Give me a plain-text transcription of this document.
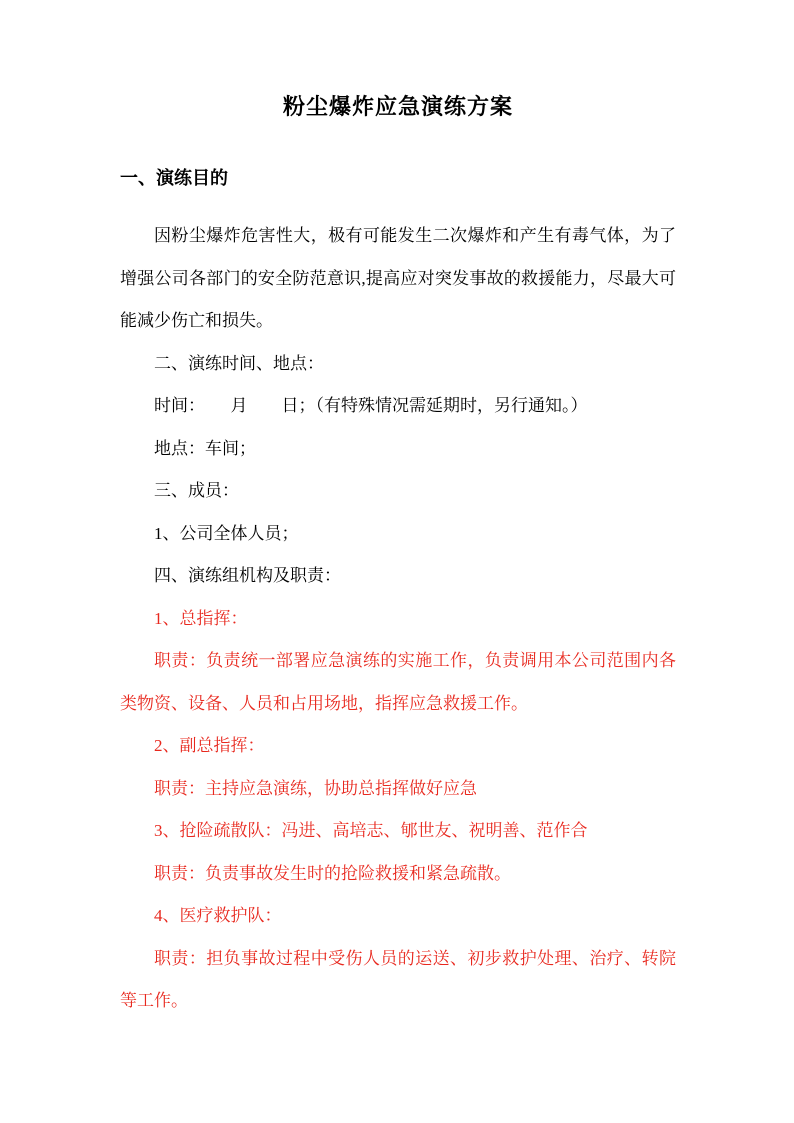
粉尘爆炸应急演练方案
一、演练目的

因粉尘爆炸危害性大，极有可能发生二次爆炸和产生有毒气体，为了增强公司各部门的安全防范意识,提高应对突发事故的救援能力，尽最大可能减少伤亡和损失。

二、演练时间、地点：

时间：　　月　　日；（有特殊情况需延期时，另行通知。）

地点：车间；

三、成员：

1、公司全体人员；

四、演练组机构及职责：

1、总指挥：

职责：负责统一部署应急演练的实施工作，负责调用本公司范围内各类物资、设备、人员和占用场地，指挥应急救援工作。

2、副总指挥：

职责：主持应急演练，协助总指挥做好应急

3、抢险疏散队：冯进、高培志、郇世友、祝明善、范作合

职责：负责事故发生时的抢险救援和紧急疏散。

4、医疗救护队：

职责：担负事故过程中受伤人员的运送、初步救护处理、治疗、转院等工作。
